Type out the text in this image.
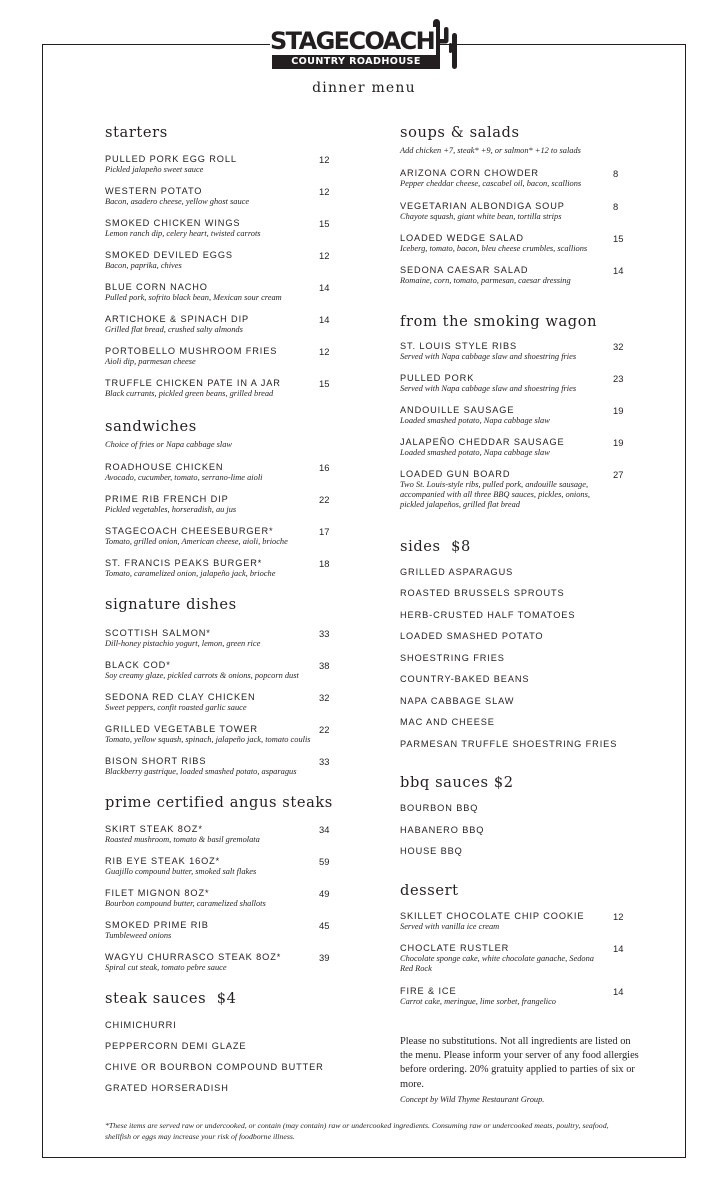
STAGECOACH
COUNTRY ROADHOUSE
dinner menu
starters
PULLED PORK EGG ROLL
Pickled jalapeño sweet sauce
12
WESTERN POTATO
Bacon, asadero cheese, yellow ghost sauce
12
SMOKED CHICKEN WINGS
Lemon ranch dip, celery heart, twisted carrots
15
SMOKED DEVILED EGGS
Bacon, paprika, chives
12
BLUE CORN NACHO
Pulled pork, sofrito black bean, Mexican sour cream
14
ARTICHOKE & SPINACH DIP
Grilled flat bread, crushed salty almonds
14
PORTOBELLO MUSHROOM FRIES
Aioli dip, parmesan cheese
12
TRUFFLE CHICKEN PATE IN A JAR
Black currants, pickled green beans, grilled bread
15
sandwiches
Choice of fries or Napa cabbage slaw
ROADHOUSE CHICKEN
Avocado, cucumber, tomato, serrano-lime aioli
16
PRIME RIB FRENCH DIP
Pickled vegetables, horseradish, au jus
22
STAGECOACH CHEESEBURGER*
Tomato, grilled onion, American cheese, aioli, brioche
17
ST. FRANCIS PEAKS BURGER*
Tomato, caramelized onion, jalapeño jack, brioche
18
signature dishes
SCOTTISH SALMON*
Dill-honey pistachio yogurt, lemon, green rice
33
BLACK COD*
Soy creamy glaze, pickled carrots & onions, popcorn dust
38
SEDONA RED CLAY CHICKEN
Sweet peppers, confit roasted garlic sauce
32
GRILLED VEGETABLE TOWER
Tomato, yellow squash, spinach, jalapeño jack, tomato coulis
22
BISON SHORT RIBS
Blackberry gastrique, loaded smashed potato, asparagus
33
prime certified angus steaks
SKIRT STEAK 8OZ*
Roasted mushroom, tomato & basil gremolata
34
RIB EYE STEAK 16OZ*
Guajillo compound butter, smoked salt flakes
59
FILET MIGNON 8OZ*
Bourbon compound butter, caramelized shallots
49
SMOKED PRIME RIB
Tumbleweed onions
45
WAGYU CHURRASCO STEAK 8OZ*
Spiral cut steak, tomato pebre sauce
39
steak sauces $4
CHIMICHURRI
PEPPERCORN DEMI GLAZE
CHIVE OR BOURBON COMPOUND BUTTER
GRATED HORSERADISH
soups & salads
Add chicken +7, steak* +9, or salmon* +12 to salads
ARIZONA CORN CHOWDER
Pepper cheddar cheese, cascabel oil, bacon, scallions
8
VEGETARIAN ALBONDIGA SOUP
Chayote squash, giant white bean, tortilla strips
8
LOADED WEDGE SALAD
Iceberg, tomato, bacon, bleu cheese crumbles, scallions
15
SEDONA CAESAR SALAD
Romaine, corn, tomato, parmesan, caesar dressing
14
from the smoking wagon
ST. LOUIS STYLE RIBS
Served with Napa cabbage slaw and shoestring fries
32
PULLED PORK
Served with Napa cabbage slaw and shoestring fries
23
ANDOUILLE SAUSAGE
Loaded smashed potato, Napa cabbage slaw
19
JALAPEÑO CHEDDAR SAUSAGE
Loaded smashed potato, Napa cabbage slaw
19
LOADED GUN BOARD
Two St. Louis-style ribs, pulled pork, andouille sausage, accompanied with all three BBQ sauces, pickles, onions, pickled jalapeños, grilled flat bread
27
sides $8
GRILLED ASPARAGUS
ROASTED BRUSSELS SPROUTS
HERB-CRUSTED HALF TOMATOES
LOADED SMASHED POTATO
SHOESTRING FRIES
COUNTRY-BAKED BEANS
NAPA CABBAGE SLAW
MAC AND CHEESE
PARMESAN TRUFFLE SHOESTRING FRIES
bbq sauces $2
BOURBON BBQ
HABANERO BBQ
HOUSE BBQ
dessert
SKILLET CHOCOLATE CHIP COOKIE
Served with vanilla ice cream
12
CHOCLATE RUSTLER
Chocolate sponge cake, white chocolate ganache, Sedona Red Rock
14
FIRE & ICE
Carrot cake, meringue, lime sorbet, frangelico
14
Please no substitutions. Not all ingredients are listed on the menu. Please inform your server of any food allergies before ordering. 20% gratuity applied to parties of six or more.
Concept by Wild Thyme Restaurant Group.
*These items are served raw or undercooked, or contain (may contain) raw or undercooked ingredients. Consuming raw or undercooked meats, poultry, seafood, shellfish or eggs may increase your risk of foodborne illness.
